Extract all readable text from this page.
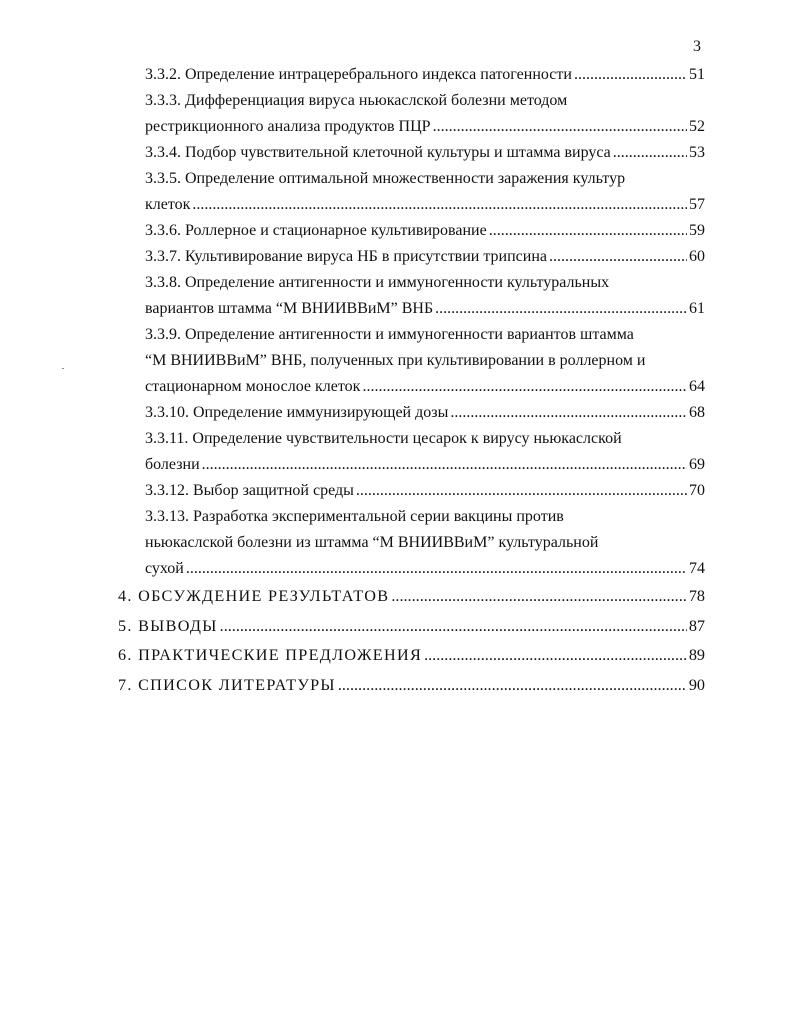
3
3.3.2. Определение интрацеребрального индекса патогенности .....	51
3.3.3. Дифференциация вируса ньюкаслской болезни методом
рестрикционного анализа продуктов ПЦР .....	52
3.3.4. Подбор чувствительной клеточной культуры и штамма вируса .....	53
3.3.5. Определение оптимальной множественности заражения культур
клеток .....	57
3.3.6. Роллерное и стационарное культивирование .....	59
3.3.7. Культивирование вируса НБ в присутствии трипсина .....	60
3.3.8. Определение антигенности и иммуногенности культуральных
вариантов штамма “М ВНИИВВиМ” ВНБ .....	61
3.3.9. Определение антигенности и иммуногенности вариантов штамма
“М ВНИИВВиМ” ВНБ, полученных при культивировании в роллерном и
стационарном монослое клеток .....	64
3.3.10. Определение иммунизирующей дозы .....	68
3.3.11. Определение чувствительности цесарок к вирусу ньюкаслской
болезни .....	69
3.3.12. Выбор защитной среды .....	70
3.3.13. Разработка экспериментальной серии вакцины против
ньюкаслской болезни из штамма “М ВНИИВВиМ” культуральной
сухой .....	74
4. ОБСУЖДЕНИЕ РЕЗУЛЬТАТОВ .....	78
5. ВЫВОДЫ .....	87
6. ПРАКТИЧЕСКИЕ ПРЕДЛОЖЕНИЯ .....	89
7. СПИСОК ЛИТЕРАТУРЫ .....	90
